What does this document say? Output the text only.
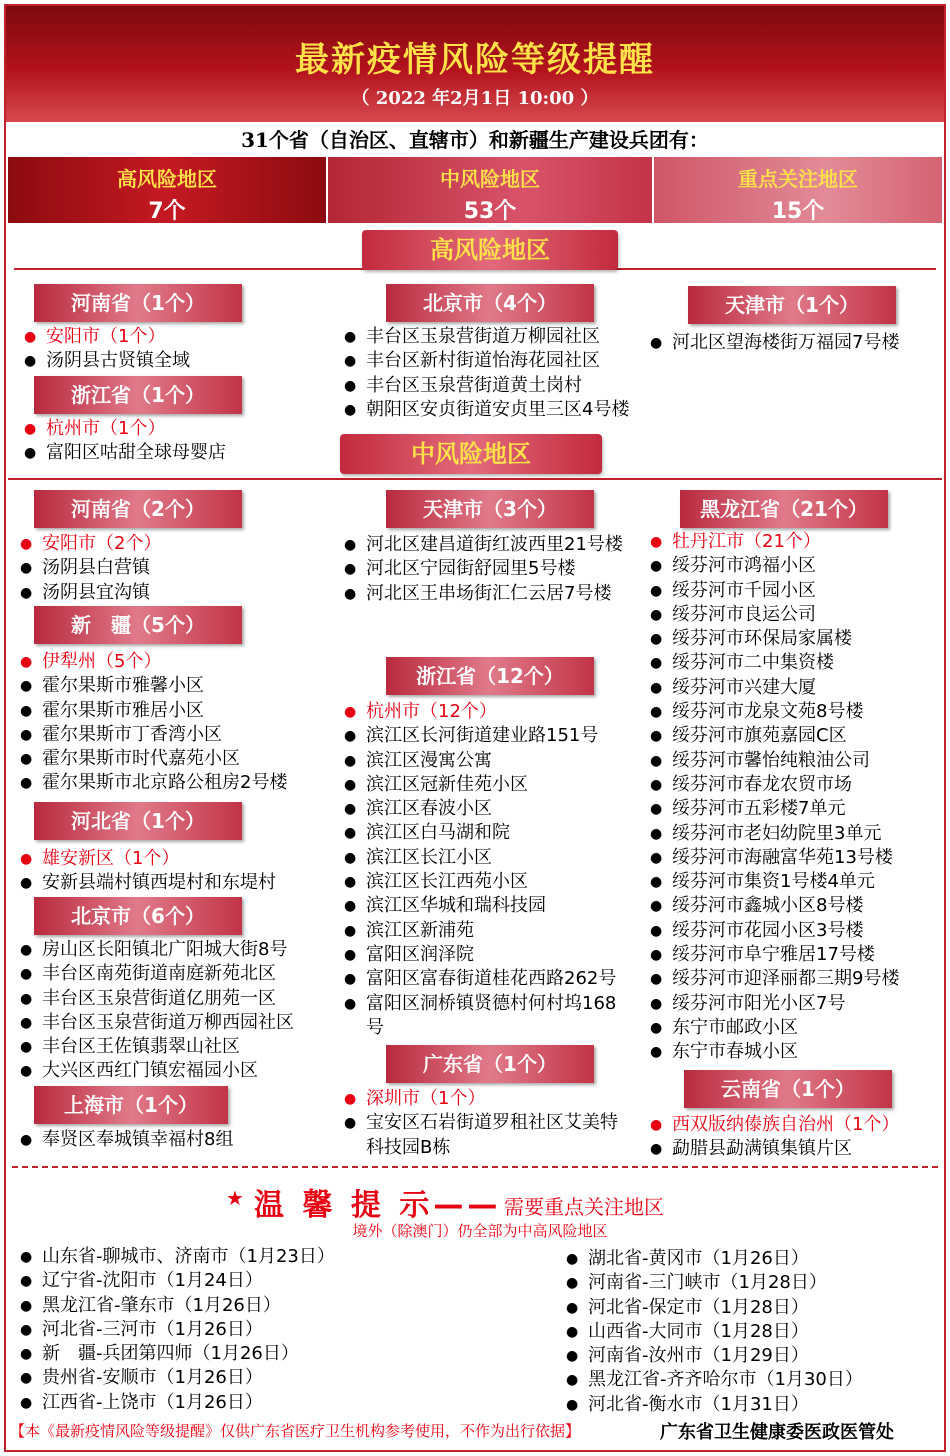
最新疫情风险等级提醒
（ 2022 年2月1日 10:00 ）
31个省（自治区、直辖市）和新疆生产建设兵团有：
高风险地区
7个
中风险地区
53个
重点关注地区
15个
高风险地区
河南省（1个）
● 安阳市（1个）
● 汤阴县古贤镇全域
浙江省（1个）
● 杭州市（1个）
● 富阳区咕甜全球母婴店
北京市（4个）
● 丰台区玉泉营街道万柳园社区
● 丰台区新村街道怡海花园社区
● 丰台区玉泉营街道黄土岗村
● 朝阳区安贞街道安贞里三区4号楼
天津市（1个）
● 河北区望海楼街万福园7号楼
中风险地区
河南省（2个）
● 安阳市（2个）
● 汤阴县白营镇
● 汤阴县宜沟镇
新　疆（5个）
● 伊犁州（5个）
● 霍尔果斯市雅馨小区
● 霍尔果斯市雅居小区
● 霍尔果斯市丁香湾小区
● 霍尔果斯市时代嘉苑小区
● 霍尔果斯市北京路公租房2号楼
河北省（1个）
● 雄安新区（1个）
● 安新县端村镇西堤村和东堤村
北京市（6个）
● 房山区长阳镇北广阳城大街8号
● 丰台区南苑街道南庭新苑北区
● 丰台区玉泉营街道亿朋苑一区
● 丰台区玉泉营街道万柳西园社区
● 丰台区王佐镇翡翠山社区
● 大兴区西红门镇宏福园小区
上海市（1个）
● 奉贤区奉城镇幸福村8组
天津市（3个）
● 河北区建昌道街红波西里21号楼
● 河北区宁园街舒园里5号楼
● 河北区王串场街汇仁云居7号楼
浙江省（12个）
● 杭州市（12个）
● 滨江区长河街道建业路151号
● 滨江区漫寓公寓
● 滨江区冠新佳苑小区
● 滨江区春波小区
● 滨江区白马湖和院
● 滨江区长江小区
● 滨江区长江西苑小区
● 滨江区华城和瑞科技园
● 滨江区新浦苑
● 富阳区润泽院
● 富阳区富春街道桂花西路262号
● 富阳区洞桥镇贤德村何村坞168号
广东省（1个）
● 深圳市（1个）
● 宝安区石岩街道罗租社区艾美特科技园B栋
黑龙江省（21个）
● 牡丹江市（21个）
● 绥芬河市鸿福小区
● 绥芬河市千园小区
● 绥芬河市良运公司
● 绥芬河市环保局家属楼
● 绥芬河市二中集资楼
● 绥芬河市兴建大厦
● 绥芬河市龙泉文苑8号楼
● 绥芬河市旗苑嘉园C区
● 绥芬河市馨怡纯粮油公司
● 绥芬河市春龙农贸市场
● 绥芬河市五彩楼7单元
● 绥芬河市老妇幼院里3单元
● 绥芬河市海融富华苑13号楼
● 绥芬河市集资1号楼4单元
● 绥芬河市鑫城小区8号楼
● 绥芬河市花园小区3号楼
● 绥芬河市阜宁雅居17号楼
● 绥芬河市迎泽丽都三期9号楼
● 绥芬河市阳光小区7号
● 东宁市邮政小区
● 东宁市春城小区
云南省（1个）
● 西双版纳傣族自治州（1个）
● 勐腊县勐满镇集镇片区
★ 温 馨 提 示—— 需要重点关注地区
境外（除澳门）仍全部为中高风险地区
● 山东省-聊城市、济南市（1月23日）
● 辽宁省-沈阳市（1月24日）
● 黑龙江省-肇东市（1月26日）
● 河北省-三河市（1月26日）
● 新　疆-兵团第四师（1月26日）
● 贵州省-安顺市（1月26日）
● 江西省-上饶市（1月26日）
● 湖北省-黄冈市（1月26日）
● 河南省-三门峡市（1月28日）
● 河北省-保定市（1月28日）
● 山西省-大同市（1月28日）
● 河南省-汝州市（1月29日）
● 黑龙江省-齐齐哈尔市（1月30日）
● 河北省-衡水市（1月31日）
【本《最新疫情风险等级提醒》仅供广东省医疗卫生机构参考使用，不作为出行依据】	广东省卫生健康委医政医管处
